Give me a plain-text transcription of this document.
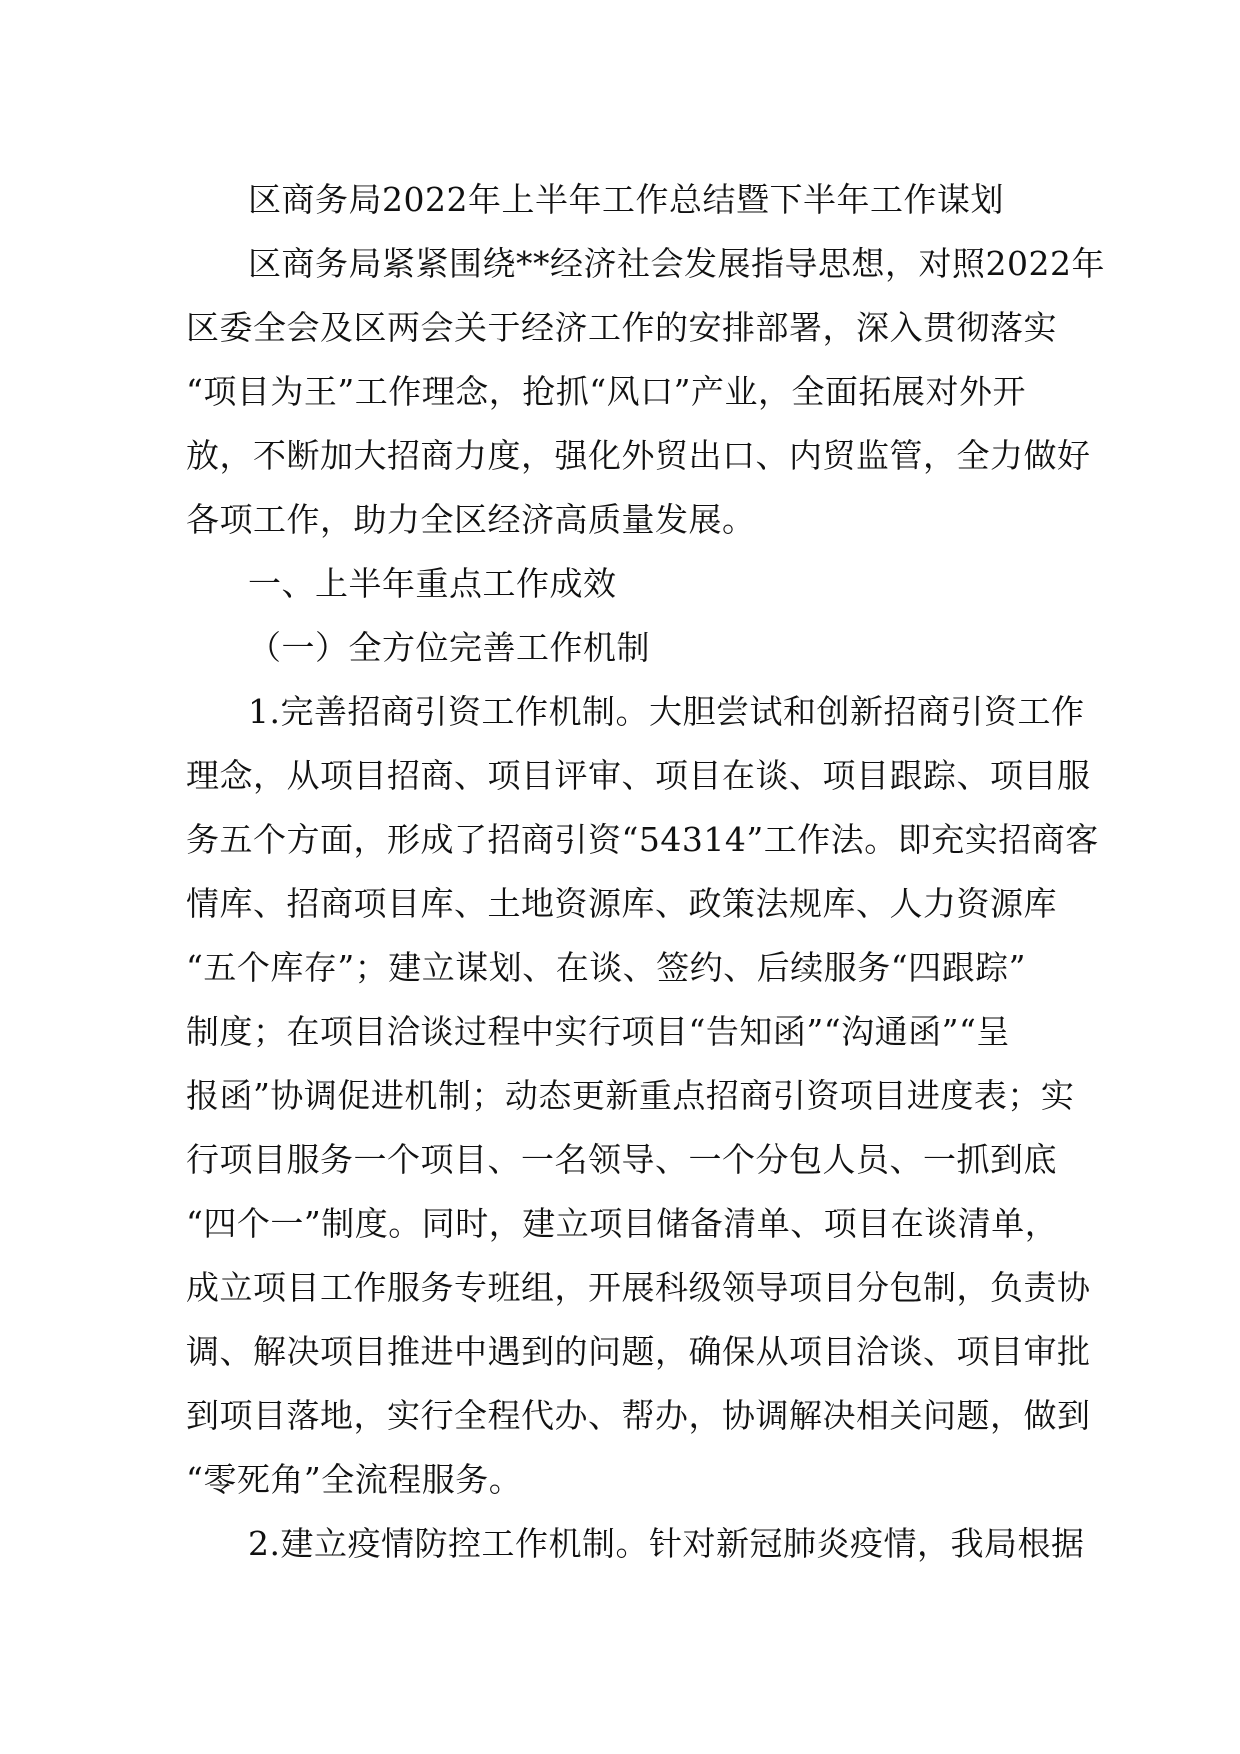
区商务局2022年上半年工作总结暨下半年工作谋划
区商务局紧紧围绕**经济社会发展指导思想，对照2022年
区委全会及区两会关于经济工作的安排部署，深入贯彻落实
“项目为王”工作理念，抢抓“风口”产业，全面拓展对外开
放，不断加大招商力度，强化外贸出口、内贸监管，全力做好
各项工作，助力全区经济高质量发展。
一、上半年重点工作成效
（一）全方位完善工作机制
1.完善招商引资工作机制。大胆尝试和创新招商引资工作
理念，从项目招商、项目评审、项目在谈、项目跟踪、项目服
务五个方面，形成了招商引资“54314”工作法。即充实招商客
情库、招商项目库、土地资源库、政策法规库、人力资源库
“五个库存”；建立谋划、在谈、签约、后续服务“四跟踪”
制度；在项目洽谈过程中实行项目“告知函”“沟通函”“呈
报函”协调促进机制；动态更新重点招商引资项目进度表；实
行项目服务一个项目、一名领导、一个分包人员、一抓到底
“四个一”制度。同时，建立项目储备清单、项目在谈清单，
成立项目工作服务专班组，开展科级领导项目分包制，负责协
调、解决项目推进中遇到的问题，确保从项目洽谈、项目审批
到项目落地，实行全程代办、帮办，协调解决相关问题，做到
“零死角”全流程服务。
2.建立疫情防控工作机制。针对新冠肺炎疫情，我局根据
